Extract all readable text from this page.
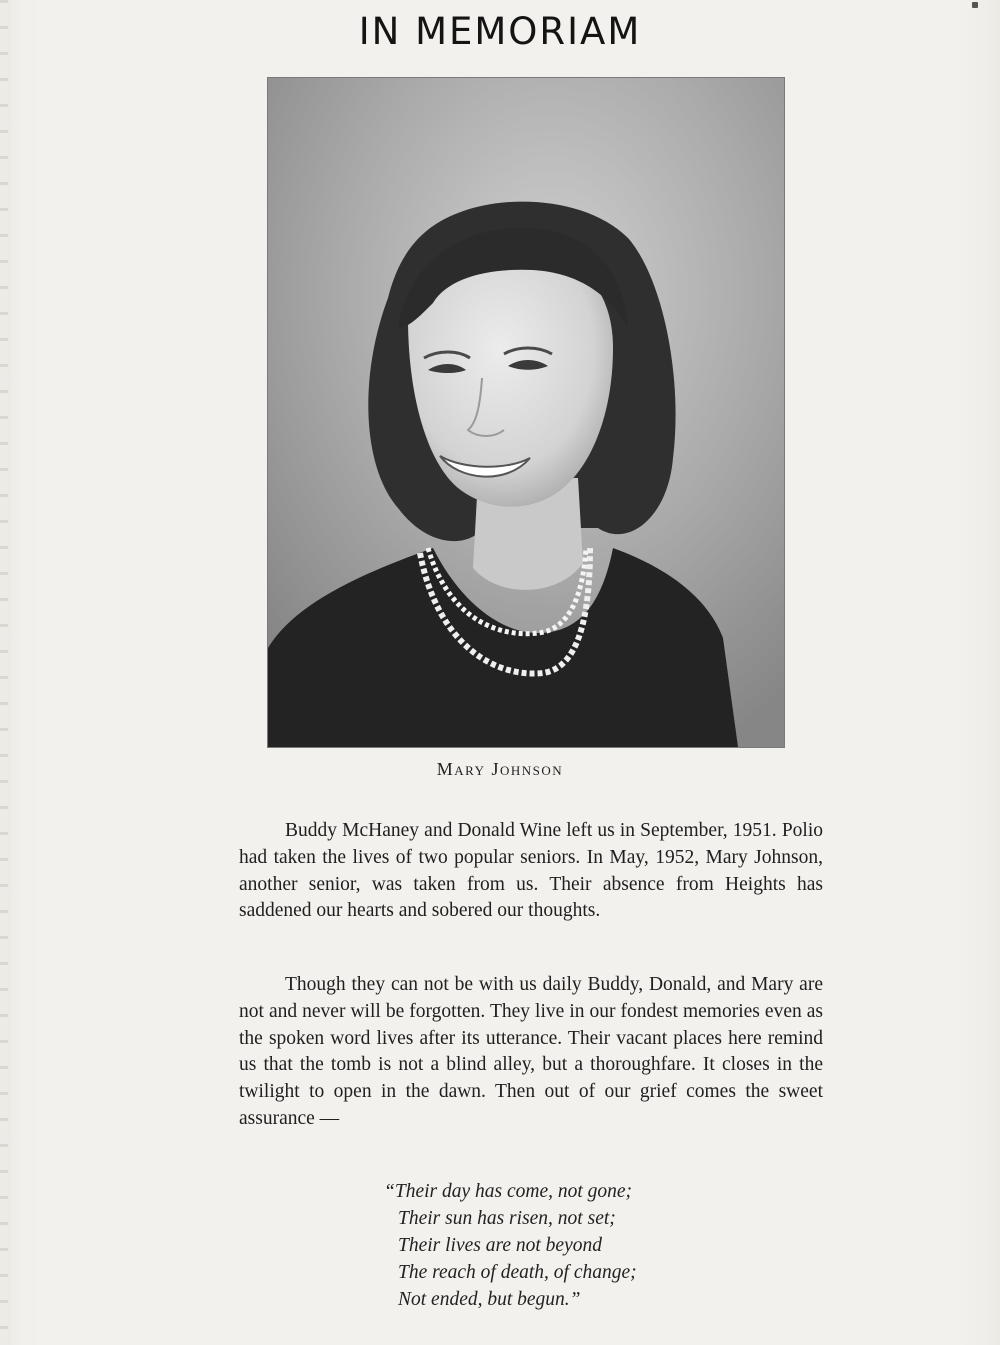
IN MEMORIAM
Mary Johnson

Buddy McHaney and Donald Wine left us in September, 1951. Polio had taken the lives of two popular seniors. In May, 1952, Mary Johnson, another senior, was taken from us. Their absence from Heights has saddened our hearts and sobered our thoughts.

Though they can not be with us daily Buddy, Donald, and Mary are not and never will be forgotten. They live in our fondest memories even as the spoken word lives after its utterance. Their vacant places here remind us that the tomb is not a blind alley, but a thoroughfare. It closes in the twilight to open in the dawn. Then out of our grief comes the sweet assurance —

“Their day has come, not gone;
Their sun has risen, not set;
Their lives are not beyond
The reach of death, of change;
Not ended, but begun.”
